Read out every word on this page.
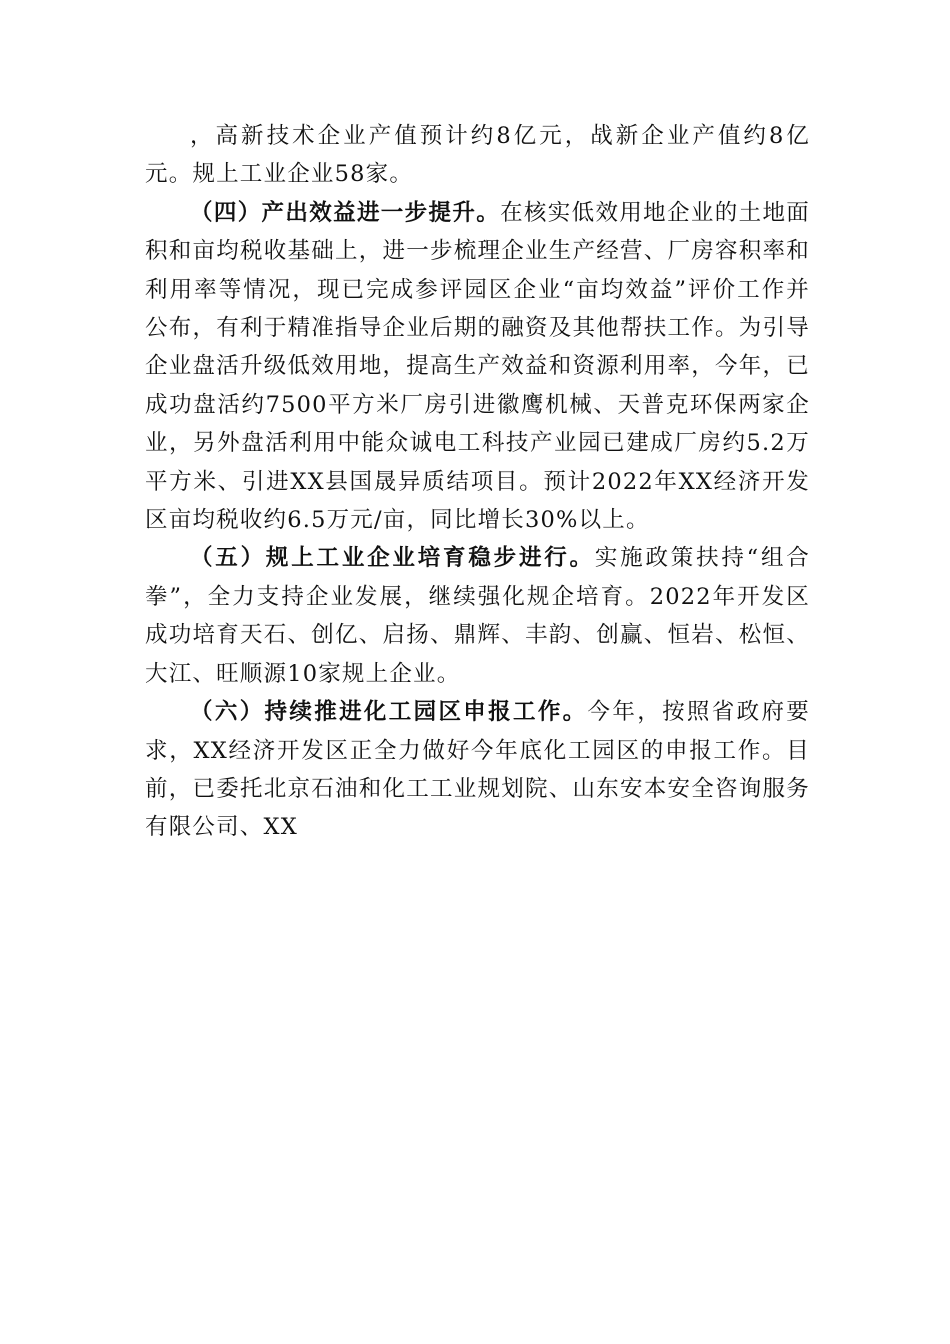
，高新技术企业产值预计约8亿元，战新企业产值约8亿元。规上工业企业58家。

（四）产出效益进一步提升。在核实低效用地企业的土地面积和亩均税收基础上，进一步梳理企业生产经营、厂房容积率和利用率等情况，现已完成参评园区企业“亩均效益”评价工作并公布，有利于精准指导企业后期的融资及其他帮扶工作。为引导企业盘活升级低效用地，提高生产效益和资源利用率，今年，已成功盘活约7500平方米厂房引进徽鹰机械、天普克环保两家企业，另外盘活利用中能众诚电工科技产业园已建成厂房约5.2万平方米、引进XX县国晟异质结项目。预计2022年XX经济开发区亩均税收约6.5万元/亩，同比增长30%以上。

（五）规上工业企业培育稳步进行。实施政策扶持“组合拳”，全力支持企业发展，继续强化规企培育。2022年开发区成功培育天石、创亿、启扬、鼎辉、丰韵、创赢、恒岩、松恒、大江、旺顺源10家规上企业。

（六）持续推进化工园区申报工作。今年，按照省政府要求，XX经济开发区正全力做好今年底化工园区的申报工作。目前，已委托北京石油和化工工业规划院、山东安本安全咨询服务有限公司、XX
